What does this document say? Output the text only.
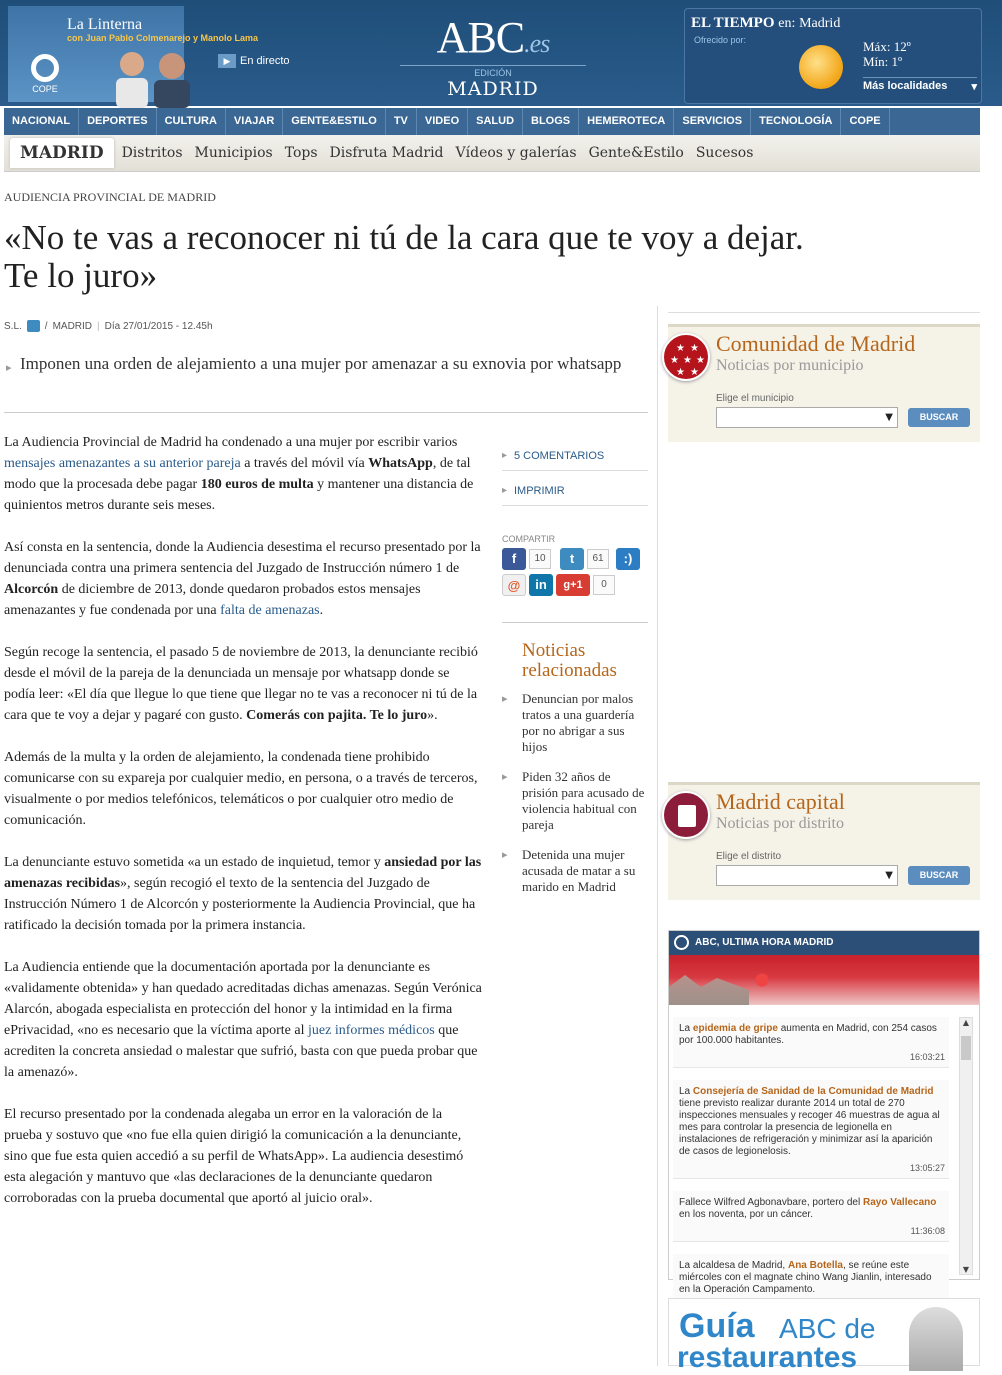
COPE
La Linterna
con Juan Pablo Colmenarejo y Manolo Lama
▶ En directo	ABC.es
EDICIÓN
MADRID
EL TIEMPO en: Madrid
Ofrecido por:	Máx: 12º
Mín: 1º
Más localidades ▾
NACIONAL	DEPORTES	CULTURA	VIAJAR	GENTE&ESTILO	TV	VIDEO	SALUD	BLOGS	HEMEROTECA	SERVICIOS	TECNOLOGÍA	COPE
MADRID	Distritos Municipios Tops Disfruta Madrid Vídeos y galerías Gente&Estilo Sucesos
AUDIENCIA PROVINCIAL DE MADRID
«No te vas a reconocer ni tú de la cara que te voy a dejar. Te lo juro»
S.L. / MADRID | Día 27/01/2015 - 12.45h
▸ Imponen una orden de alejamiento a una mujer por amenazar a su exnovia por whatsapp

La Audiencia Provincial de Madrid ha condenado a una mujer por escribir varios mensajes amenazantes a su anterior pareja a través del móvil vía WhatsApp, de tal modo que la procesada debe pagar 180 euros de multa y mantener una distancia de quinientos metros durante seis meses.

Así consta en la sentencia, donde la Audiencia desestima el recurso presentado por la denunciada contra una primera sentencia del Juzgado de Instrucción número 1 de Alcorcón de diciembre de 2013, donde quedaron probados estos mensajes amenazantes y fue condenada por una falta de amenazas.

Según recoge la sentencia, el pasado 5 de noviembre de 2013, la denunciante recibió desde el móvil de la pareja de la denunciada un mensaje por whatsapp donde se podía leer: «El día que llegue lo que tiene que llegar no te vas a reconocer ni tú de la cara que te voy a dejar y pagaré con gusto. Comerás con pajita. Te lo juro».

Además de la multa y la orden de alejamiento, la condenada tiene prohibido comunicarse con su expareja por cualquier medio, en persona, o a través de terceros, visualmente o por medios telefónicos, telemáticos o por cualquier otro medio de comunicación.

La denunciante estuvo sometida «a un estado de inquietud, temor y ansiedad por las amenazas recibidas», según recogió el texto de la sentencia del Juzgado de Instrucción Número 1 de Alcorcón y posteriormente la Audiencia Provincial, que ha ratificado la decisión tomada por la primera instancia.

La Audiencia entiende que la documentación aportada por la denunciante es «validamente obtenida» y han quedado acreditadas dichas amenazas. Según Verónica Alarcón, abogada especialista en protección del honor y la intimidad en la firma ePrivacidad, «no es necesario que la víctima aporte al juez informes médicos que acrediten la concreta ansiedad o malestar que sufrió, basta con que pueda probar que la amenazó».

El recurso presentado por la condenada alegaba un error en la valoración de la prueba y sostuvo que «no fue ella quien dirigió la comunicación a la denunciante, sino que fue esta quien accedió a su perfil de WhatsApp». La audiencia desestimó esta alegación y mantuvo que «las declaraciones de la denunciante quedaron corroboradas con la prueba documental que aportó al juicio oral».

▸ 5 COMENTARIOS
▸ IMPRIMIR
COMPARTIR
f	10	t	61	:)
@	in	g+1	0
Noticias relacionadas
▸ Denuncian por malos tratos a una guardería por no abrigar a sus hijos
▸ Piden 32 años de prisión para acusado de violencia habitual con pareja
▸ Detenida una mujer acusada de matar a su marido en Madrid
★ ★
★ ★ ★
★ ★
Comunidad de Madrid
Noticias por municipio
Elige el municipio
▼	BUSCAR
Madrid capital
Noticias por distrito
Elige el distrito
▼	BUSCAR
ABC, ULTIMA HORA MADRID
La epidemia de gripe aumenta en Madrid, con 254 casos por 100.000 habitantes.
16:03:21
La Consejería de Sanidad de la Comunidad de Madrid tiene previsto realizar durante 2014 un total de 270 inspecciones mensuales y recoger 46 muestras de agua al mes para controlar la presencia de legionella en instalaciones de refrigeración y minimizar así la aparición de casos de legionelosis.
13:05:27
Fallece Wilfred Agbonavbare, portero del Rayo Vallecano en los noventa, por un cáncer.
11:36:08
La alcaldesa de Madrid, Ana Botella, se reúne este miércoles con el magnate chino Wang Jianlin, interesado en la Operación Campamento.
▲
▼
Guía ABC de
restaurantes
